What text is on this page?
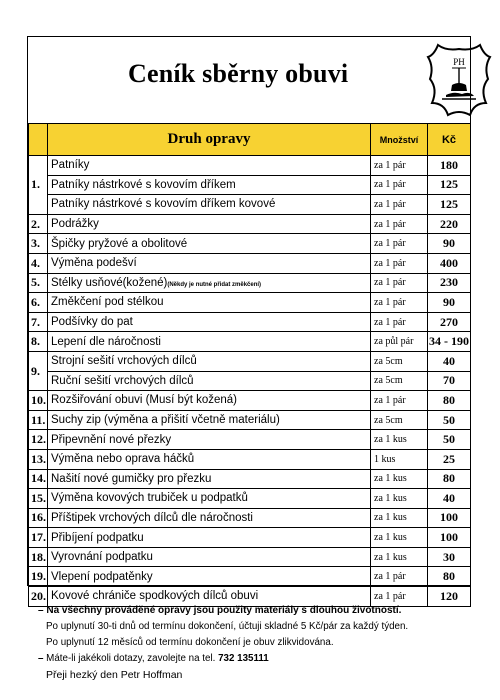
Ceník sběrny obuvi	PH
	Druh opravy	Množství	Kč
1.	Patníky	za 1 pár	180
	Patníky nástrkové s kovovím dříkem	za 1 pár	125
	Patníky nástrkové s kovovím dříkem kovové	za 1 pár	125
2.	Podrážky	za 1 pár	220
3.	Špičky pryžové a obolitové	za 1 pár	90
4.	Výměna podešví	za 1 pár	400
5.	Stélky usňové(kožené)(Někdy je nutné přidat změkčení)	za 1 pár	230
6.	Změkčení pod stélkou	za 1 pár	90
7.	Podšívky do pat	za 1 pár	270
8.	Lepení dle náročnosti	za půl pár	34 - 190
9.	Strojní sešití vrchových dílců	za 5cm	40
	Ruční sešití vrchových dílců	za 5cm	70
10.	Rozšiřování obuvi (Musí být kožená)	za 1 pár	80
11.	Suchy zip (výměna a přišití včetně materiálu)	za 5cm	50
12.	Připevnění nové přezky	za 1 kus	50
13.	Výměna nebo oprava háčků	1 kus	25
14.	Našití nové gumičky pro přezku	za 1 kus	80
15.	Výměna kovových trubiček u podpatků	za 1 kus	40
16.	Příštipek vrchových dílců dle náročnosti	za 1 kus	100
17.	Přibíjení podpatku	za 1 kus	100
18.	Vyrovnání podpatku	za 1 kus	30
19.	Vlepení podpatěnky	za 1 pár	80
20.	Kovové chrániče spodkových dílců obuvi	za 1 pár	120
– Na všechny prováděné opravy jsou použity materiály s dlouhou životností.
Po uplynutí 30-ti dnů od termínu dokončení, účtuji skladné 5 Kč/pár za každý týden.
Po uplynutí 12 měsíců od termínu dokončení je obuv zlikvidována.
– Máte-li jakékoli dotazy, zavolejte na tel. 732 135111
Přeji hezký den Petr Hoffman
